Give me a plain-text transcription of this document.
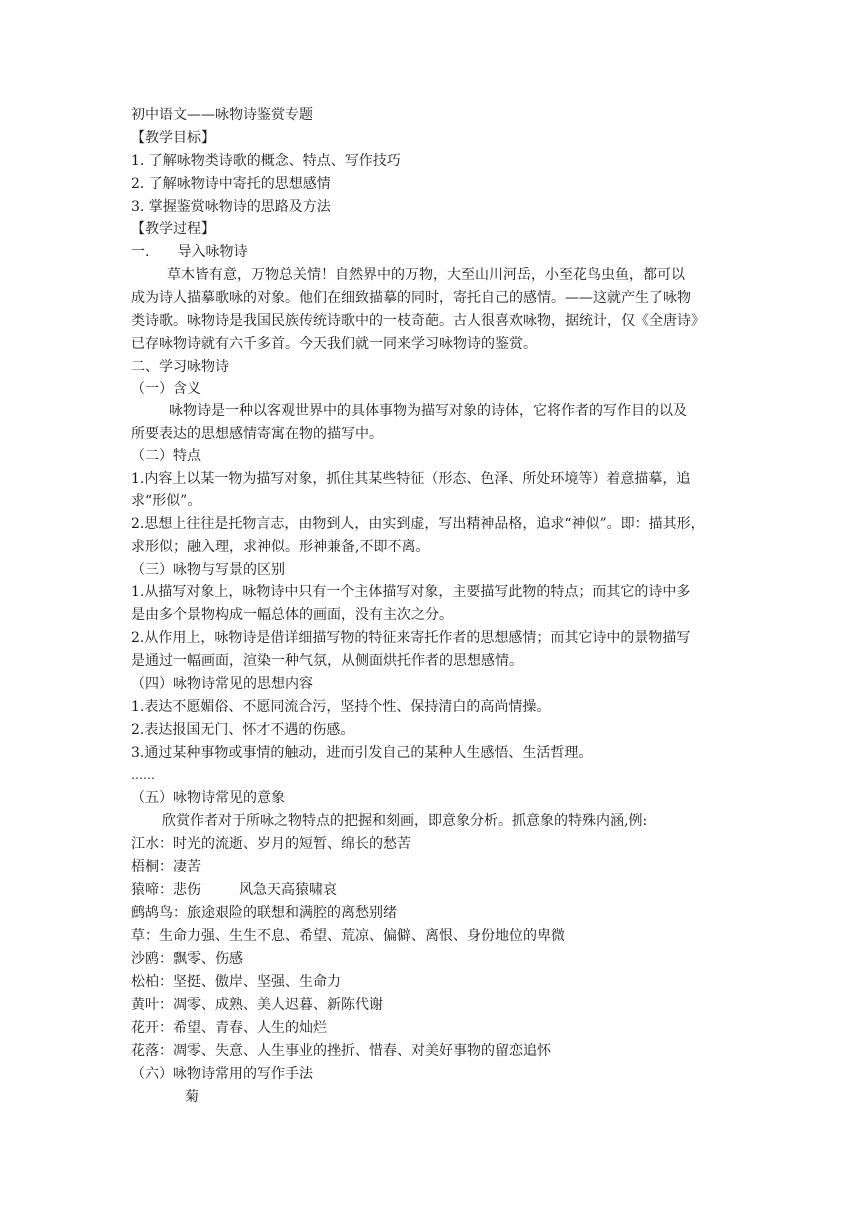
初中语文——咏物诗鉴赏专题
【教学目标】
1. 了解咏物类诗歌的概念、特点、写作技巧
2. 了解咏物诗中寄托的思想感情
3. 掌握鉴赏咏物诗的思路及方法
【教学过程】
一. 导入咏物诗
草木皆有意，万物总关情！自然界中的万物，大至山川河岳，小至花鸟虫鱼，都可以
成为诗人描摹歌咏的对象。他们在细致描摹的同时，寄托自己的感情。——这就产生了咏物
类诗歌。咏物诗是我国民族传统诗歌中的一枝奇葩。古人很喜欢咏物，据统计，仅《全唐诗》
已存咏物诗就有六千多首。今天我们就一同来学习咏物诗的鉴赏。
二、学习咏物诗
（一）含义
咏物诗是一种以客观世界中的具体事物为描写对象的诗体，它将作者的写作目的以及
所要表达的思想感情寄寓在物的描写中。
（二）特点
1.内容上以某一物为描写对象，抓住其某些特征（形态、色泽、所处环境等）着意描摹，追
求“形似”。
2.思想上往往是托物言志，由物到人，由实到虚，写出精神品格，追求“神似”。即：描其形，
求形似；融入理，求神似。形神兼备,不即不离。
（三）咏物与写景的区别
1.从描写对象上，咏物诗中只有一个主体描写对象，主要描写此物的特点；而其它的诗中多
是由多个景物构成一幅总体的画面，没有主次之分。
2.从作用上，咏物诗是借详细描写物的特征来寄托作者的思想感情；而其它诗中的景物描写
是通过一幅画面，渲染一种气氛，从侧面烘托作者的思想感情。
（四）咏物诗常见的思想内容
1.表达不愿媚俗、不愿同流合污，坚持个性、保持清白的高尚情操。
2.表达报国无门、怀才不遇的伤感。
3.通过某种事物或事情的触动，进而引发自己的某种人生感悟、生活哲理。
……
（五）咏物诗常见的意象
欣赏作者对于所咏之物特点的把握和刻画，即意象分析。抓意象的特殊内涵,例:
江水：时光的流逝、岁月的短暂、绵长的愁苦
梧桐：凄苦
猿啼：悲伤	风急天高猿啸哀
鹧鸪鸟：旅途艰险的联想和满腔的离愁别绪
草：生命力强、生生不息、希望、荒凉、偏僻、离恨、身份地位的卑微
沙鸥：飘零、伤感
松柏：坚挺、傲岸、坚强、生命力
黄叶：凋零、成熟、美人迟暮、新陈代谢
花开：希望、青春、人生的灿烂
花落：凋零、失意、人生事业的挫折、惜春、对美好事物的留恋追怀
（六）咏物诗常用的写作手法
菊
